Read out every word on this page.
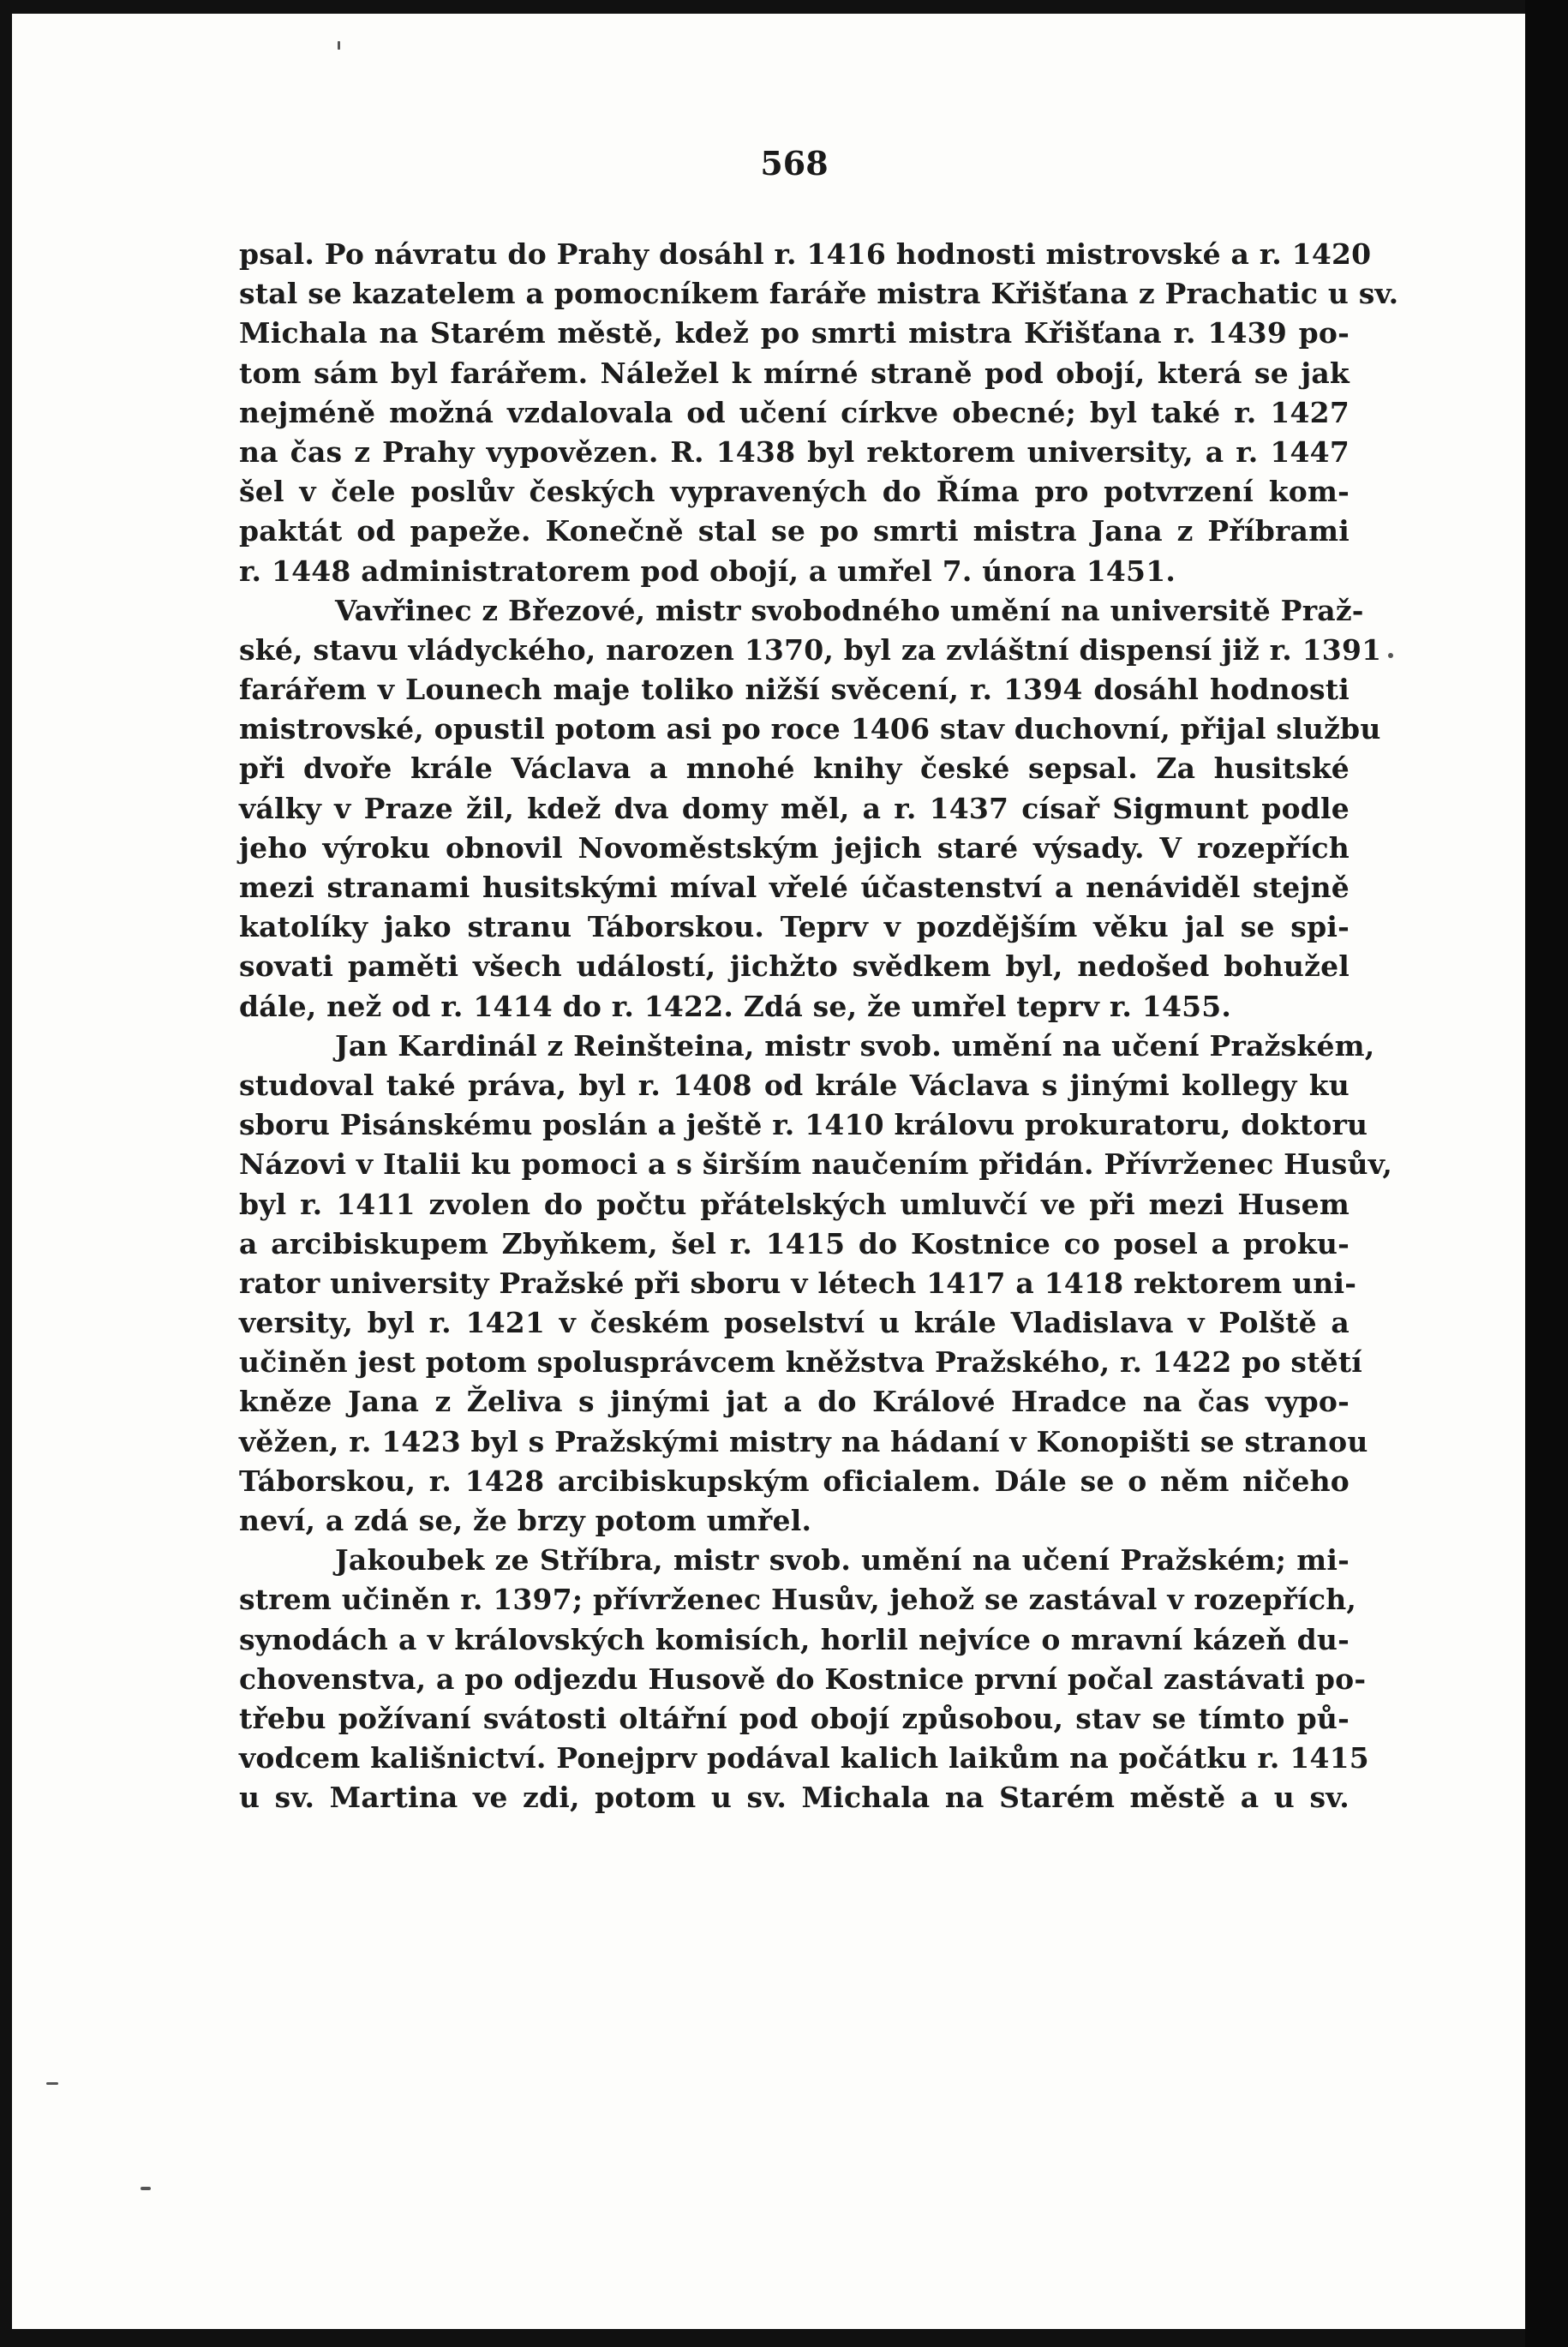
568
psal. Po návratu do Prahy dosáhl r. 1416 hodnosti mistrovské a r. 1420
stal se kazatelem a pomocníkem faráře mistra Křišťana z Prachatic u sv.
Michala na Starém městě, kdež po smrti mistra Křišťana r. 1439 po-
tom sám byl farářem. Náležel k mírné straně pod obojí, která se jak
nejméně možná vzdalovala od učení církve obecné; byl také r. 1427
na čas z Prahy vypovězen. R. 1438 byl rektorem university, a r. 1447
šel v čele poslův českých vypravených do Říma pro potvrzení kom-
paktát od papeže. Konečně stal se po smrti mistra Jana z Příbrami
r. 1448 administratorem pod obojí, a umřel 7. února 1451.
Vavřinec z Březové, mistr svobodného umění na universitě Praž-
ské, stavu vládyckého, narozen 1370, byl za zvláštní dispensí již r. 1391
farářem v Lounech maje toliko nižší svěcení, r. 1394 dosáhl hodnosti
mistrovské, opustil potom asi po roce 1406 stav duchovní, přijal službu
při dvoře krále Václava a mnohé knihy české sepsal. Za husitské
války v Praze žil, kdež dva domy měl, a r. 1437 císař Sigmunt podle
jeho výroku obnovil Novoměstským jejich staré výsady. V rozepřích
mezi stranami husitskými míval vřelé účastenství a nenáviděl stejně
katolíky jako stranu Táborskou. Teprv v pozdějším věku jal se spi-
sovati paměti všech událostí, jichžto svědkem byl, nedošed bohužel
dále, než od r. 1414 do r. 1422. Zdá se, že umřel teprv r. 1455.
Jan Kardinál z Reinšteina, mistr svob. umění na učení Pražském,
studoval také práva, byl r. 1408 od krále Václava s jinými kollegy ku
sboru Pisánskému poslán a ještě r. 1410 královu prokuratoru, doktoru
Názovi v Italii ku pomoci a s širším naučením přidán. Přívrženec Husův,
byl r. 1411 zvolen do počtu přátelských umluvčí ve při mezi Husem
a arcibiskupem Zbyňkem, šel r. 1415 do Kostnice co posel a proku-
rator university Pražské při sboru v létech 1417 a 1418 rektorem uni-
versity, byl r. 1421 v českém poselství u krále Vladislava v Polště a
učiněn jest potom spolusprávcem kněžstva Pražského, r. 1422 po stětí
kněze Jana z Želiva s jinými jat a do Králové Hradce na čas vypo-
věžen, r. 1423 byl s Pražskými mistry na hádaní v Konopišti se stranou
Táborskou, r. 1428 arcibiskupským oficialem. Dále se o něm ničeho
neví, a zdá se, že brzy potom umřel.
Jakoubek ze Stříbra, mistr svob. umění na učení Pražském; mi-
strem učiněn r. 1397; přívrženec Husův, jehož se zastával v rozepřích,
synodách a v královských komisích, horlil nejvíce o mravní kázeň du-
chovenstva, a po odjezdu Husově do Kostnice první počal zastávati po-
třebu požívaní svátosti oltářní pod obojí způsobou, stav se tímto pů-
vodcem kališnictví. Ponejprv podával kalich laikům na počátku r. 1415
u sv. Martina ve zdi, potom u sv. Michala na Starém městě a u sv.
